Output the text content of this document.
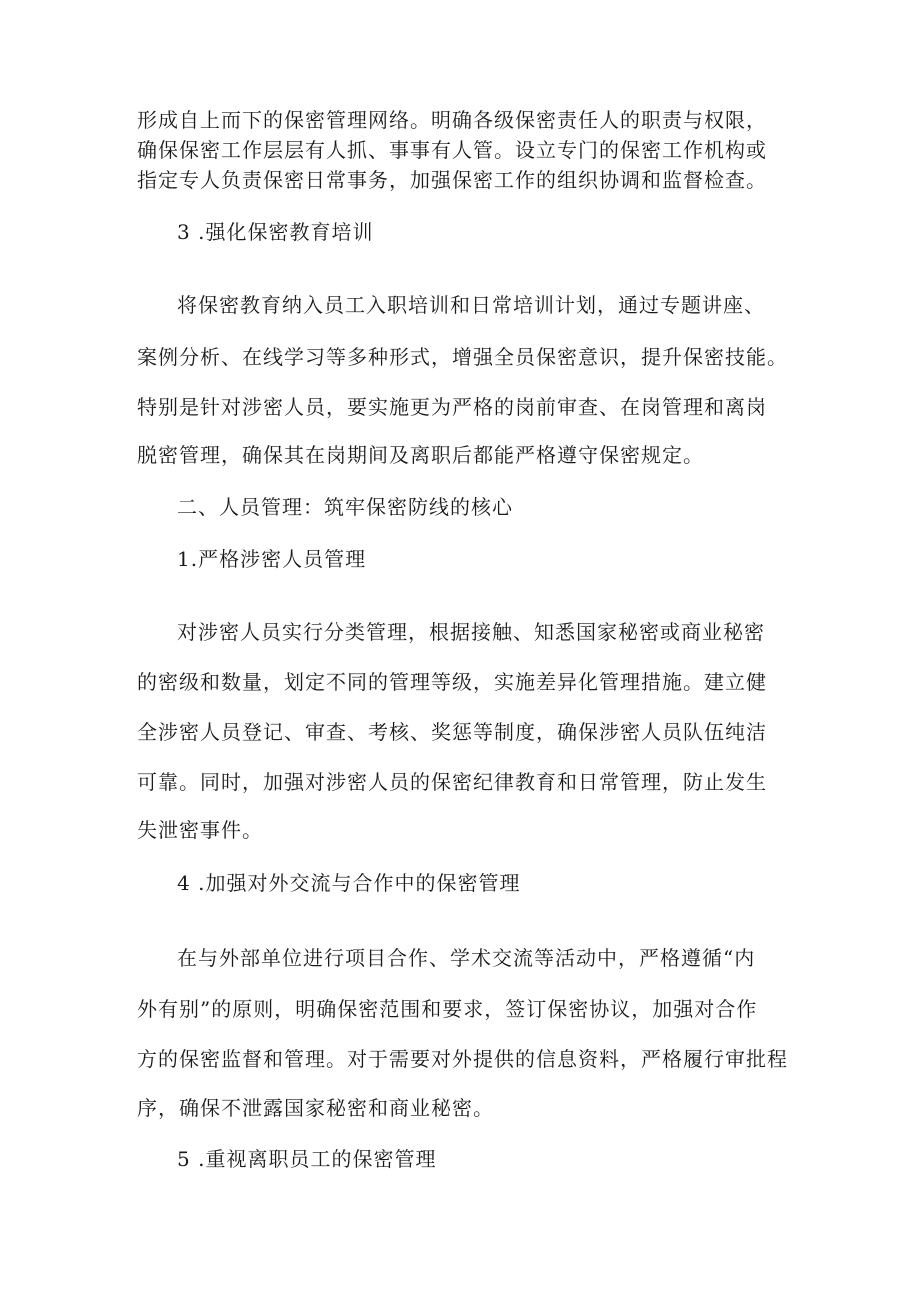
形成自上而下的保密管理网络。明确各级保密责任人的职责与权限，
确保保密工作层层有人抓、事事有人管。设立专门的保密工作机构或
指定专人负责保密日常事务，加强保密工作的组织协调和监督检查。
3 .强化保密教育培训
将保密教育纳入员工入职培训和日常培训计划，通过专题讲座、
案例分析、在线学习等多种形式，增强全员保密意识，提升保密技能。
特别是针对涉密人员，要实施更为严格的岗前审查、在岗管理和离岗
脱密管理，确保其在岗期间及离职后都能严格遵守保密规定。
二、人员管理：筑牢保密防线的核心
1.严格涉密人员管理
对涉密人员实行分类管理，根据接触、知悉国家秘密或商业秘密
的密级和数量，划定不同的管理等级，实施差异化管理措施。建立健
全涉密人员登记、审查、考核、奖惩等制度，确保涉密人员队伍纯洁
可靠。同时，加强对涉密人员的保密纪律教育和日常管理，防止发生
失泄密事件。
4 .加强对外交流与合作中的保密管理
在与外部单位进行项目合作、学术交流等活动中，严格遵循“内
外有别”的原则，明确保密范围和要求，签订保密协议，加强对合作
方的保密监督和管理。对于需要对外提供的信息资料，严格履行审批程
序，确保不泄露国家秘密和商业秘密。
5 .重视离职员工的保密管理
